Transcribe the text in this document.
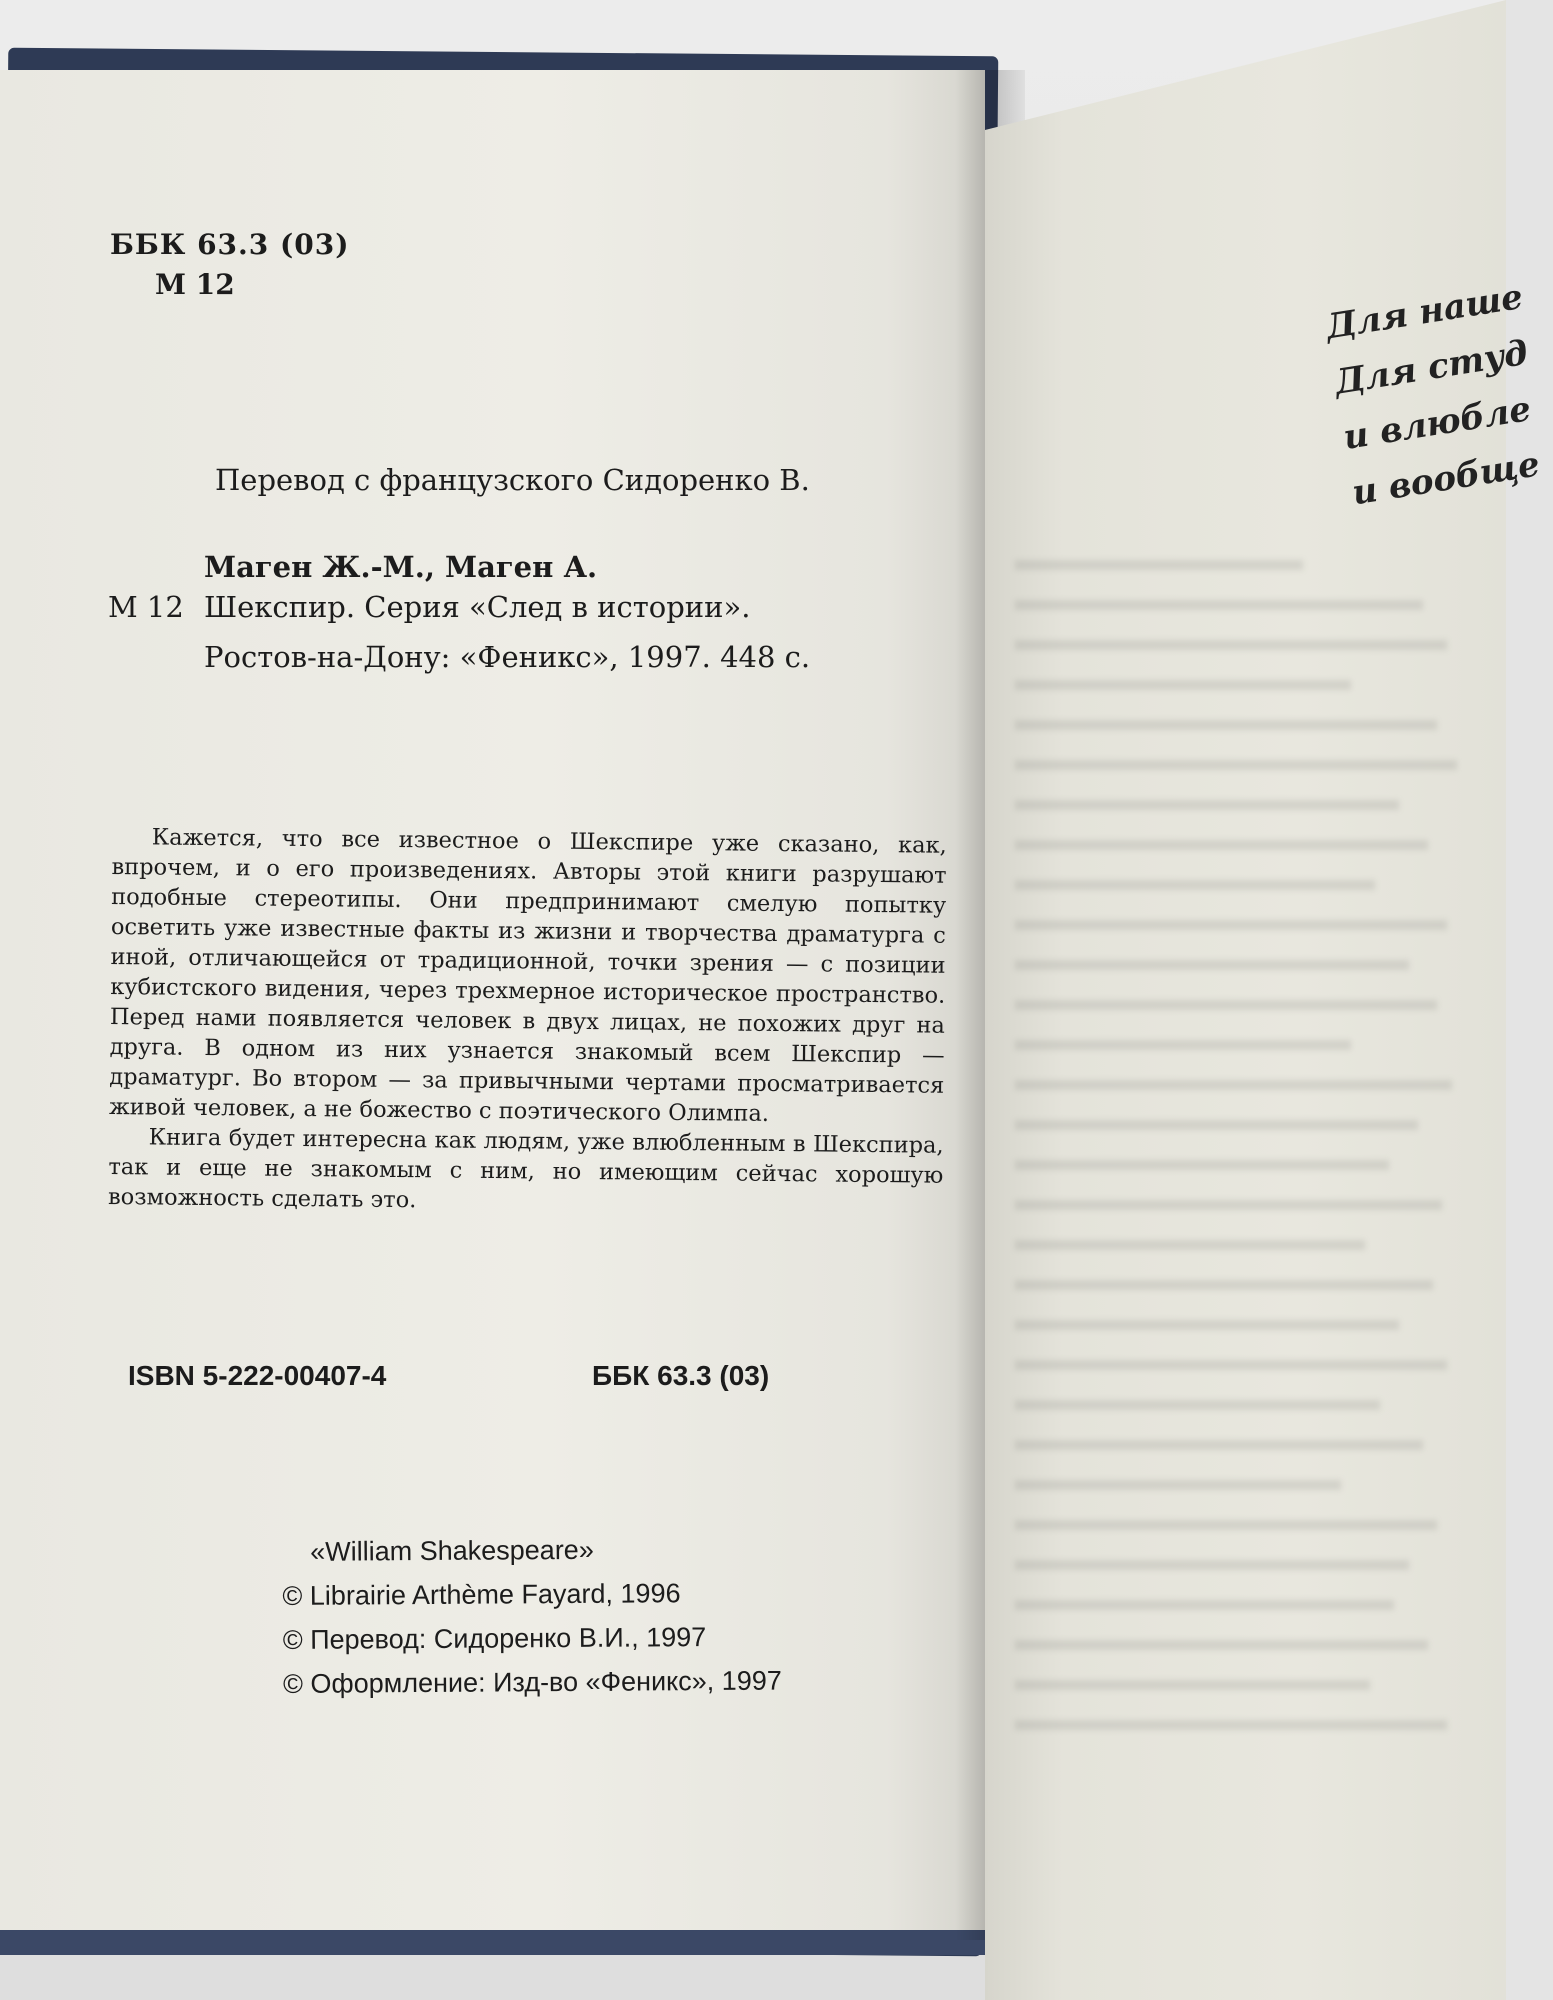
ББК 63.3 (03)
М 12
Перевод с французского Сидоренко В.
Маген Ж.-М., Маген А.
М 12 Шекспир. Серия «След в истории».
Ростов-на-Дону: «Феникс», 1997. 448 с.

Кажется, что все известное о Шекспире уже сказано, как, впрочем, и о его произведениях. Авторы этой книги разрушают подобные стереотипы. Они предпринимают смелую попытку осветить уже известные факты из жизни и творчества драматурга с иной, отличающейся от традиционной, точки зрения — с позиции кубистского видения, через трехмерное историческое пространство. Перед нами появляется человек в двух лицах, не похожих друг на друга. В одном из них узнается знакомый всем Шекспир — драматург. Во втором — за привычными чертами просматривается живой человек, а не божество с поэтического Олимпа.

Книга будет интересна как людям, уже влюбленным в Шекспира, так и еще не знакомым с ним, но имеющим сейчас хорошую возможность сделать это.

ISBN 5-222-00407-4	ББК 63.3 (03)
«William Shakespeare»
© Librairie Arthème Fayard, 1996
© Перевод: Сидоренко В.И., 1997
© Оформление: Изд-во «Феникс», 1997
Для наше
Для студ
и влюбле
и вообще
